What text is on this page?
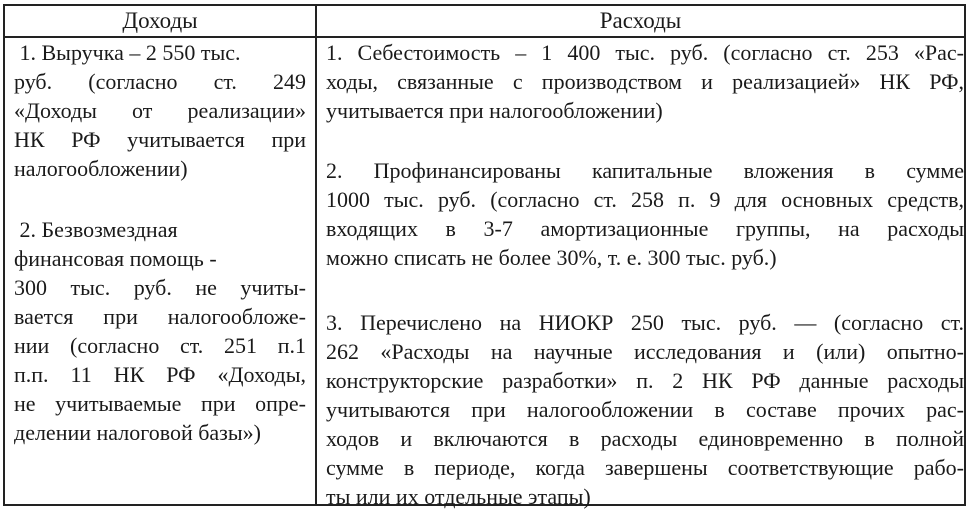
Доходы	Расходы
1. Выручка – 2 550 тыс.
руб. (согласно ст. 249
«Доходы от реализации»
НК РФ учитывается при
налогообложении)
2. Безвозмездная
финансовая помощь -
300 тыс. руб. не учиты-
вается при налогообложе-
нии (согласно ст. 251 п.1
п.п. 11 НК РФ «Доходы,
не учитываемые при опре-
делении налоговой базы»)
1. Себестоимость – 1 400 тыс. руб. (согласно ст. 253 «Рас-
ходы, связанные с производством и реализацией» НК РФ,
учитывается при налогообложении)
2. Профинансированы капитальные вложения в сумме
1000 тыс. руб. (согласно ст. 258 п. 9 для основных средств,
входящих в 3-7 амортизационные группы, на расходы
можно списать не более 30%, т. е. 300 тыс. руб.)
3. Перечислено на НИОКР 250 тыс. руб. — (согласно ст.
262 «Расходы на научные исследования и (или) опытно-
конструкторские разработки» п. 2 НК РФ данные расходы
учитываются при налогообложении в составе прочих рас-
ходов и включаются в расходы единовременно в полной
сумме в периоде, когда завершены соответствующие рабо-
ты или их отдельные этапы)
